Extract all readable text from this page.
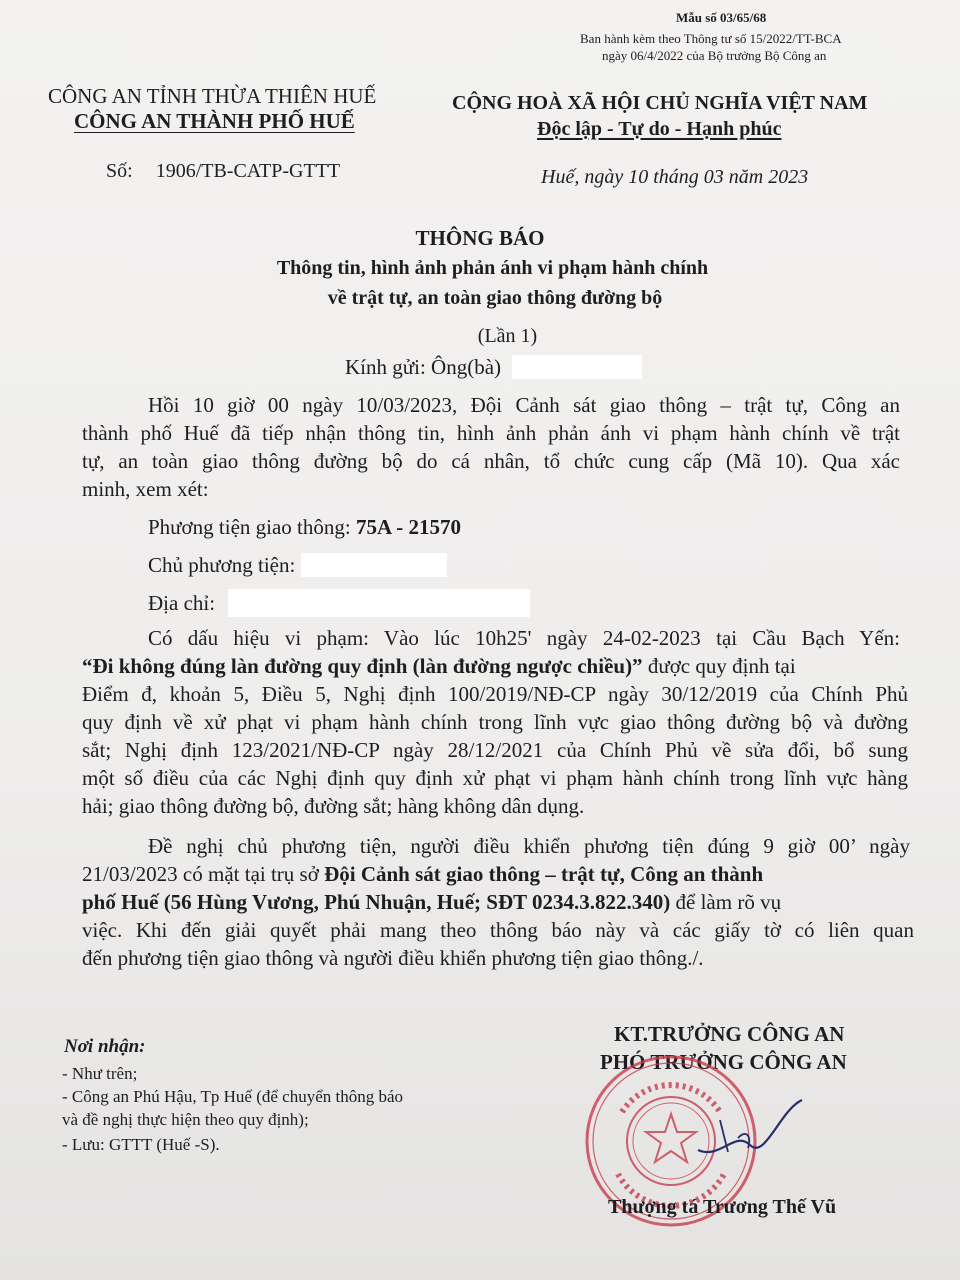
Mẫu số 03/65/68
Ban hành kèm theo Thông tư số 15/2022/TT-BCA
ngày 06/4/2022 của Bộ trưởng Bộ Công an
CÔNG AN TỈNH THỪA THIÊN HUẾ
CÔNG AN THÀNH PHỐ HUẾ
Số: 1906/TB-CATP-GTTT
CỘNG HOÀ XÃ HỘI CHỦ NGHĨA VIỆT NAM
Độc lập - Tự do - Hạnh phúc
Huế, ngày 10 tháng 03 năm 2023
THÔNG BÁO
Thông tin, hình ảnh phản ánh vi phạm hành chính
về trật tự, an toàn giao thông đường bộ
(Lần 1)
Kính gửi: Ông(bà)
Hồi 10 giờ 00 ngày 10/03/2023, Đội Cảnh sát giao thông – trật tự, Công an
thành phố Huế đã tiếp nhận thông tin, hình ảnh phản ánh vi phạm hành chính về trật
tự, an toàn giao thông đường bộ do cá nhân, tổ chức cung cấp (Mã 10). Qua xác
minh, xem xét:
Phương tiện giao thông: 75A - 21570
Chủ phương tiện:
Địa chỉ:
Có dấu hiệu vi phạm: Vào lúc 10h25' ngày 24-02-2023 tại Cầu Bạch Yến:
“Đi không đúng làn đường quy định (làn đường ngược chiều)” được quy định tại
Điểm đ, khoản 5, Điều 5, Nghị định 100/2019/NĐ-CP ngày 30/12/2019 của Chính Phủ
quy định về xử phạt vi phạm hành chính trong lĩnh vực giao thông đường bộ và đường
sắt; Nghị định 123/2021/NĐ-CP ngày 28/12/2021 của Chính Phủ về sửa đổi, bổ sung
một số điều của các Nghị định quy định xử phạt vi phạm hành chính trong lĩnh vực hàng
hải; giao thông đường bộ, đường sắt; hàng không dân dụng.
Đề nghị chủ phương tiện, người điều khiển phương tiện đúng 9 giờ 00’ ngày
21/03/2023 có mặt tại trụ sở Đội Cảnh sát giao thông – trật tự, Công an thành
phố Huế (56 Hùng Vương, Phú Nhuận, Huế; SĐT 0234.3.822.340) để làm rõ vụ
việc. Khi đến giải quyết phải mang theo thông báo này và các giấy tờ có liên quan
đến phương tiện giao thông và người điều khiển phương tiện giao thông./.
Nơi nhận:
- Như trên;
- Công an Phú Hậu, Tp Huế (để chuyển thông báo
và đề nghị thực hiện theo quy định);
- Lưu: GTTT (Huế -S).
KT.TRƯỞNG CÔNG AN
PHÓ TRƯỞNG CÔNG AN
Thượng tá Trương Thế Vũ
